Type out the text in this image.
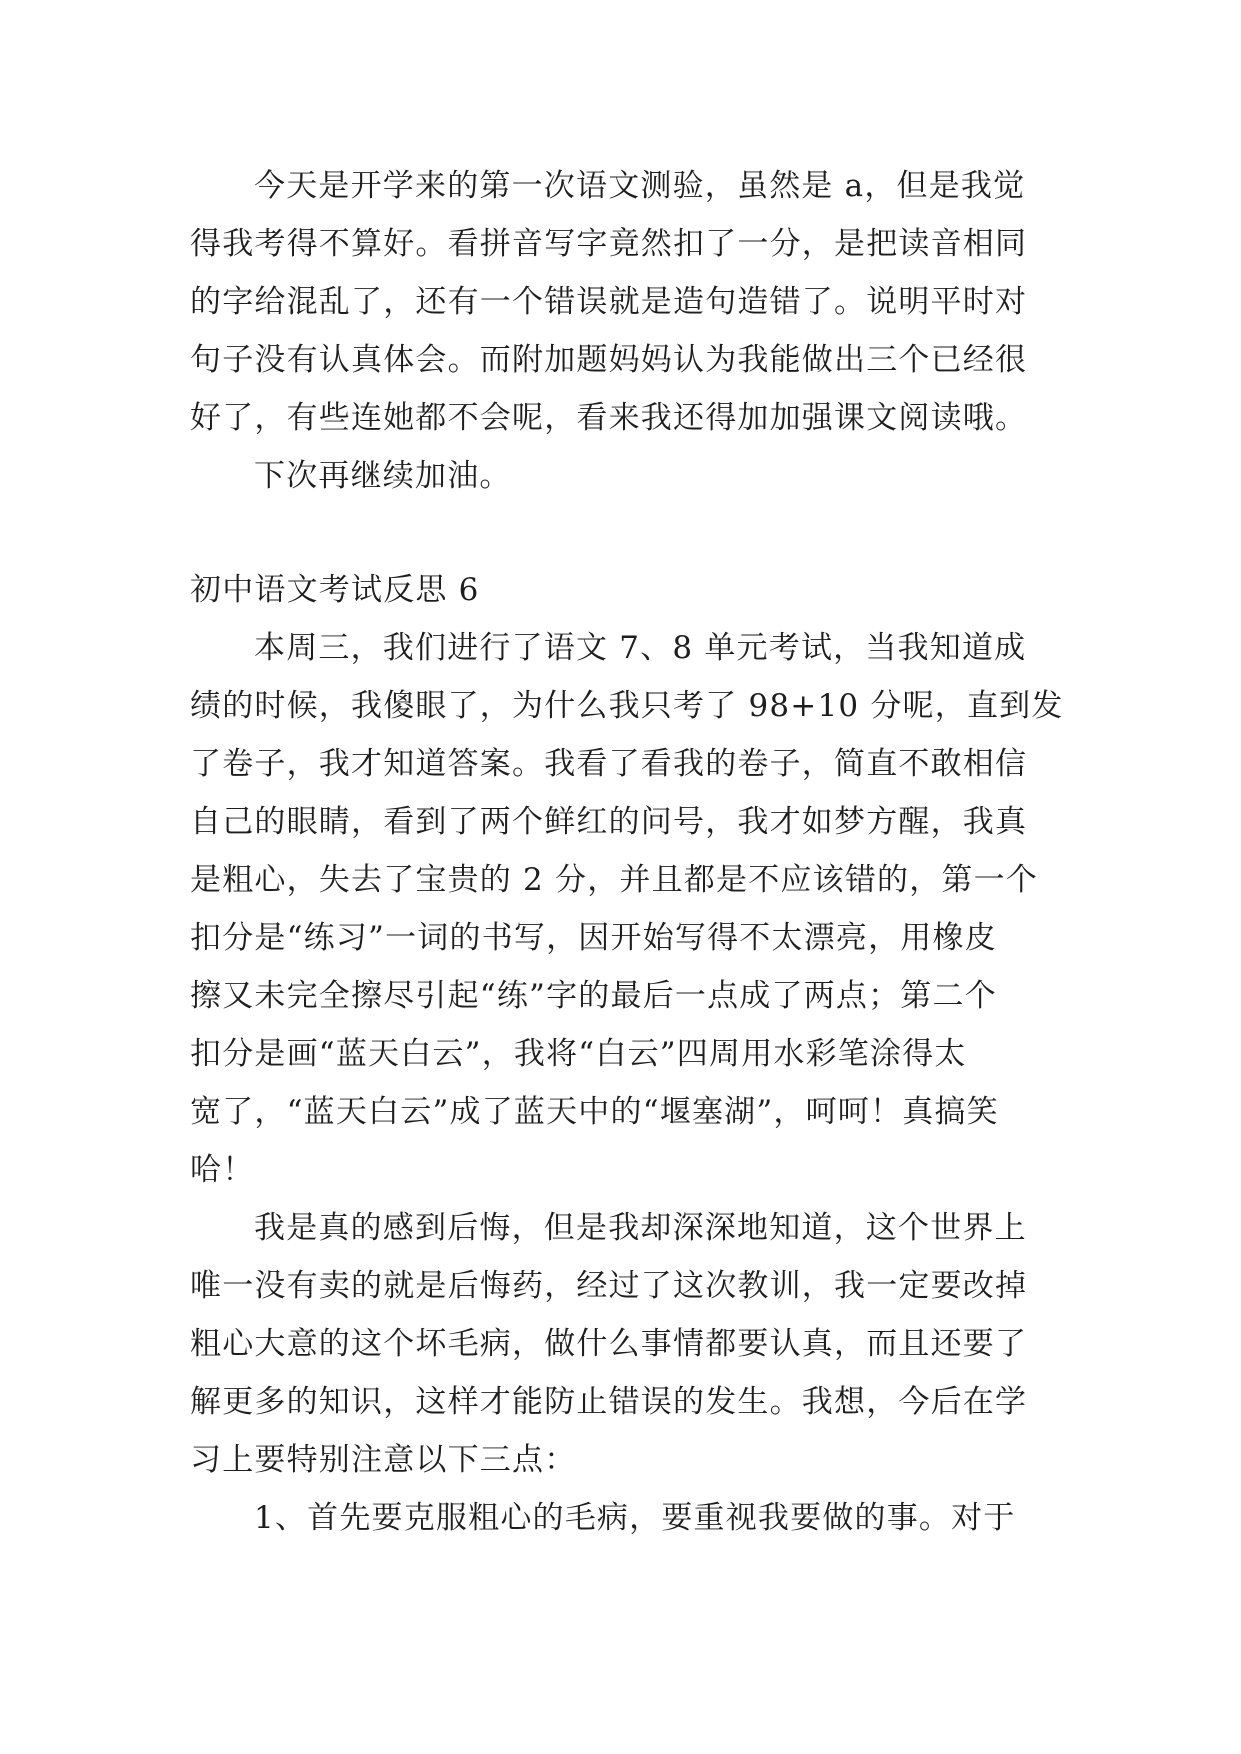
今天是开学来的第一次语文测验，虽然是 a，但是我觉
得我考得不算好。看拼音写字竟然扣了一分，是把读音相同
的字给混乱了，还有一个错误就是造句造错了。说明平时对
句子没有认真体会。而附加题妈妈认为我能做出三个已经很
好了，有些连她都不会呢，看来我还得加加强课文阅读哦。
下次再继续加油。
初中语文考试反思 6
本周三，我们进行了语文 7、8 单元考试，当我知道成
绩的时候，我傻眼了，为什么我只考了 98+10 分呢，直到发
了卷子，我才知道答案。我看了看我的卷子，简直不敢相信
自己的眼睛，看到了两个鲜红的问号，我才如梦方醒，我真
是粗心，失去了宝贵的 2 分，并且都是不应该错的，第一个
扣分是“练习”一词的书写，因开始写得不太漂亮，用橡皮
擦又未完全擦尽引起“练”字的最后一点成了两点；第二个
扣分是画“蓝天白云”，我将“白云”四周用水彩笔涂得太
宽了，“蓝天白云”成了蓝天中的“堰塞湖”，呵呵！真搞笑
哈！
我是真的感到后悔，但是我却深深地知道，这个世界上
唯一没有卖的就是后悔药，经过了这次教训，我一定要改掉
粗心大意的这个坏毛病，做什么事情都要认真，而且还要了
解更多的知识，这样才能防止错误的发生。我想，今后在学
习上要特别注意以下三点：
1、首先要克服粗心的毛病，要重视我要做的事。对于
